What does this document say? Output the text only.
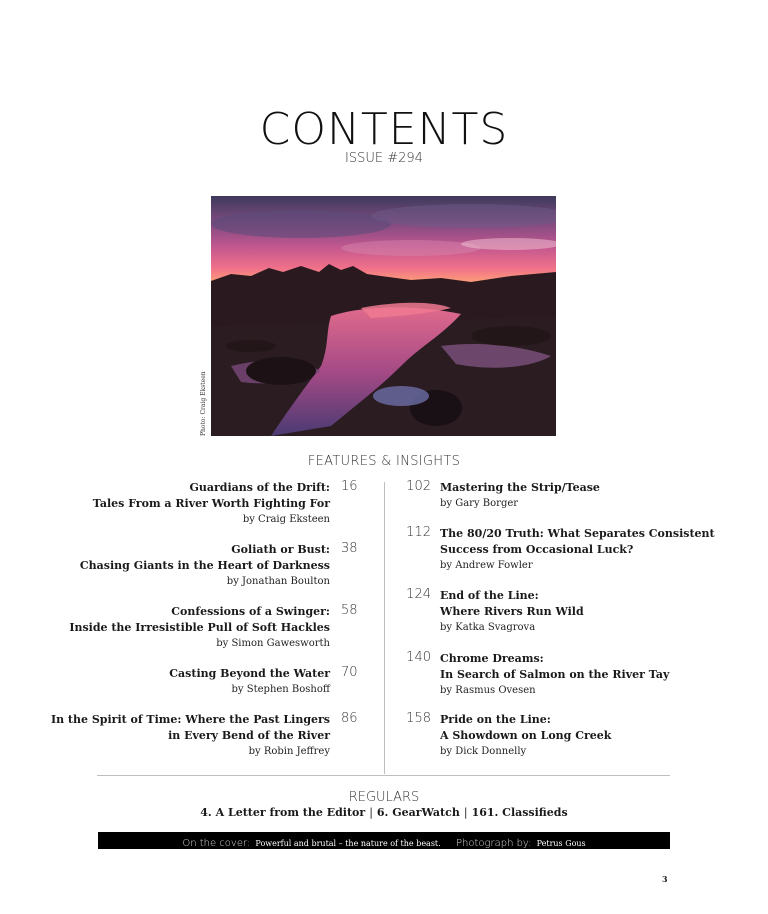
CONTENTS
ISSUE #294
Photo: Craig Eksteen
FEATURES & INSIGHTS
Guardians of the Drift:
Tales From a River Worth Fighting For
by Craig Eksteen
16
Goliath or Bust:
Chasing Giants in the Heart of Darkness
by Jonathan Boulton
38
Confessions of a Swinger:
Inside the Irresistible Pull of Soft Hackles
by Simon Gawesworth
58
Casting Beyond the Water
by Stephen Boshoff
70
In the Spirit of Time: Where the Past Lingers
in Every Bend of the River
by Robin Jeffrey
86
102 Mastering the Strip/Tease
by Gary Borger
112 The 80/20 Truth: What Separates Consistent
Success from Occasional Luck?
by Andrew Fowler
124 End of the Line:
Where Rivers Run Wild
by Katka Svagrova
140 Chrome Dreams:
In Search of Salmon on the River Tay
by Rasmus Ovesen
158 Pride on the Line:
A Showdown on Long Creek
by Dick Donnelly
REGULARS
4. A Letter from the Editor | 6. GearWatch | 161. Classifieds
On the cover: Powerful and brutal – the nature of the beast. Photograph by: Petrus Gous
3
